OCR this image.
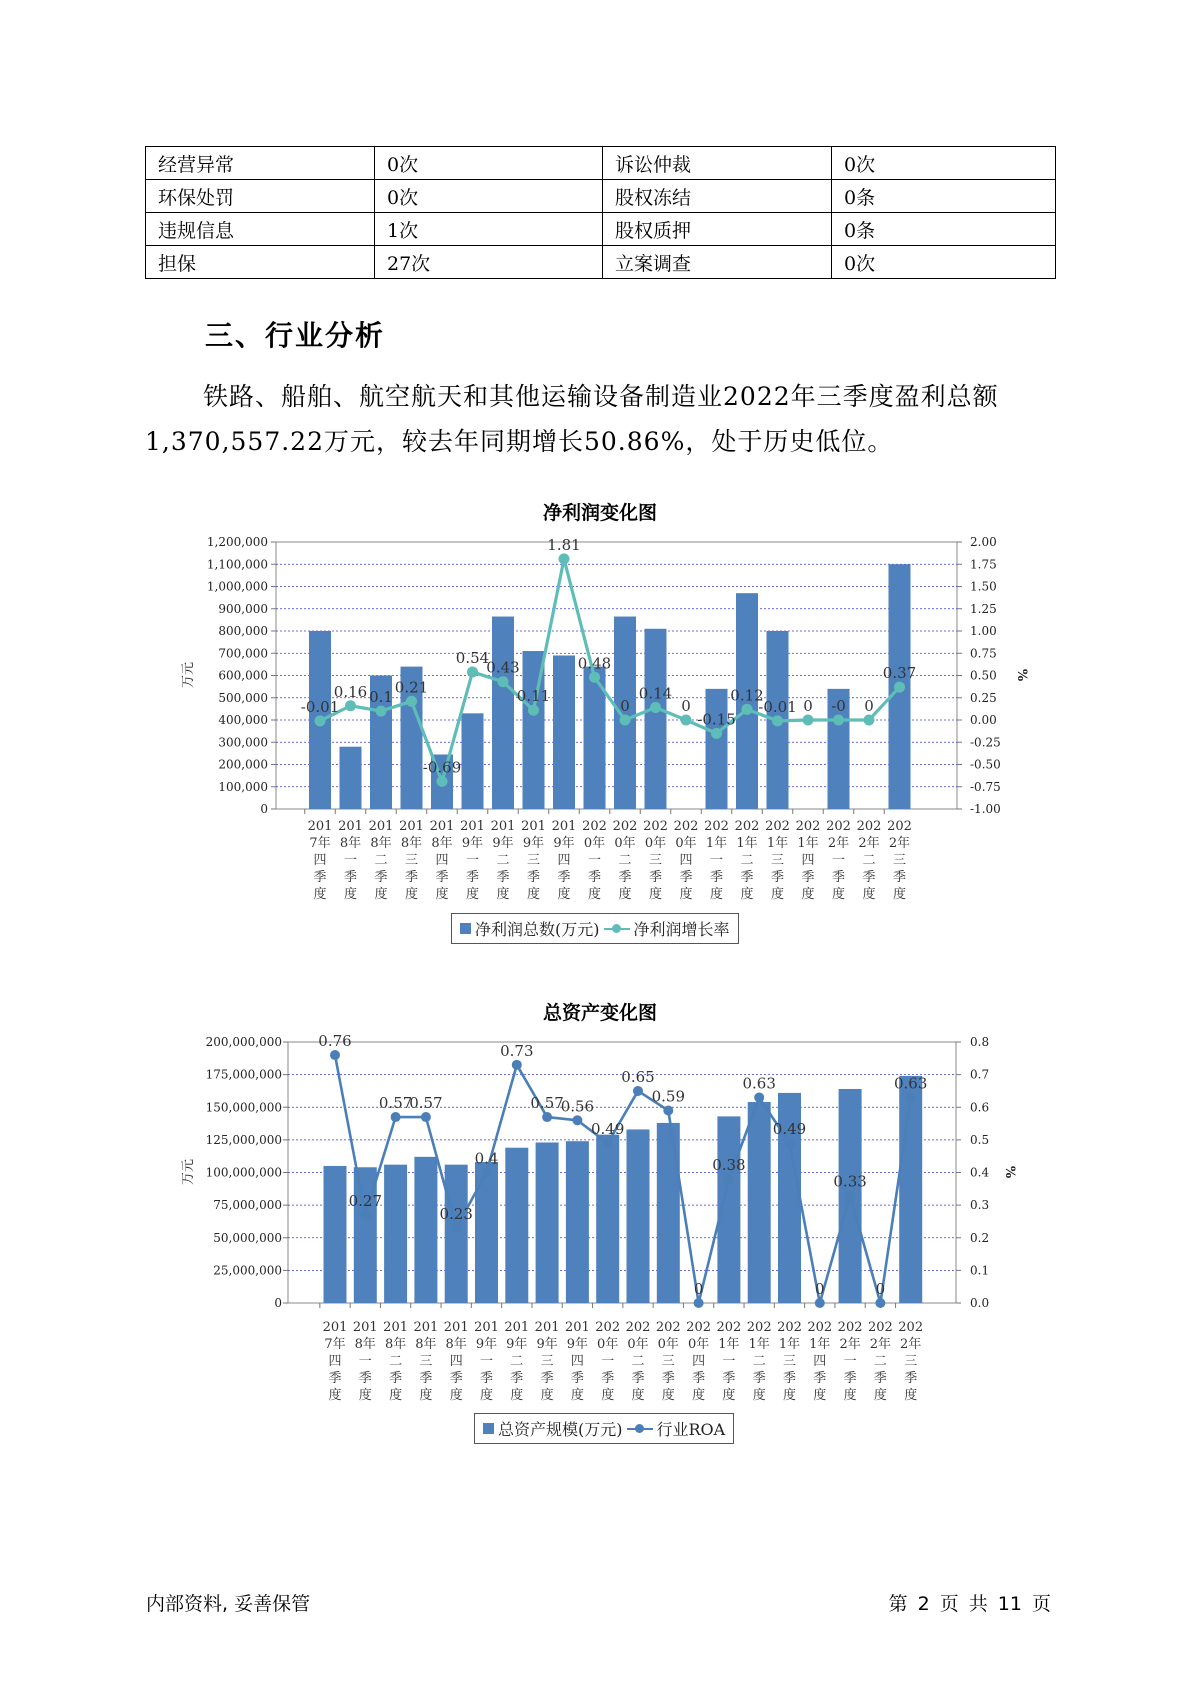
经营异常	0次	诉讼仲裁	0次
环保处罚	0次	股权冻结	0条
违规信息	1次	股权质押	0条
担保	27次	立案调查	0次
三、行业分析

铁路、船舶、航空航天和其他运输设备制造业2022年三季度盈利总额1,370,557.22万元，较去年同期增长50.86%，处于历史低位。

净利润变化图
0
100,000
200,000
300,000
400,000
500,000
600,000
700,000
800,000
900,000
1,000,000
1,100,000
1,200,000
-1.00
-0.75
-0.50
-0.25
0.00
0.25
0.50
0.75
1.00
1.25
1.50
1.75
2.00
万元	%
201 7年四季度
201 8年一季度
201 8年二季度
201 8年三季度
201 8年四季度
201 9年一季度
201 9年二季度
201 9年三季度
201 9年四季度
202 0年一季度
202 0年二季度
202 0年三季度
202 0年四季度
202 1年一季度
202 1年二季度
202 1年三季度
202 1年四季度
202 2年一季度
202 2年二季度
202 2年三季度
-0.01
0.16 0.1
0.21
-0.69
0.54
0.43
0.11
1.81
0.48
0
0.14
0
-0.15
0.12
-0.01 0 -0 0
0.37
净利润总数(万元) 净利润增长率
总资产变化图
0
25,000,000
50,000,000
75,000,000
100,000,000
125,000,000
150,000,000
175,000,000
200,000,000
0.0
0.1
0.2
0.3
0.4
0.5
0.6
0.7
0.8
万元	%
201 7年四季度
201 8年一季度
201 8年二季度
201 8年三季度
201 8年四季度
201 9年一季度
201 9年二季度
201 9年三季度
201 9年四季度
202 0年一季度
202 0年二季度
202 0年三季度
202 0年四季度
202 1年一季度
202 1年二季度
202 1年三季度
202 1年四季度
202 2年一季度
202 2年二季度
202 2年三季度
0.76
0.27
0.57
0.57
0.23
0.4
0.73
0.57
0.56
0.49
0.65
0.59
0
0.38
0.63
0.49
0
0.33
0
0.63
总资产规模(万元) 行业ROA
内部资料, 妥善保管	第 2 页 共 11 页
